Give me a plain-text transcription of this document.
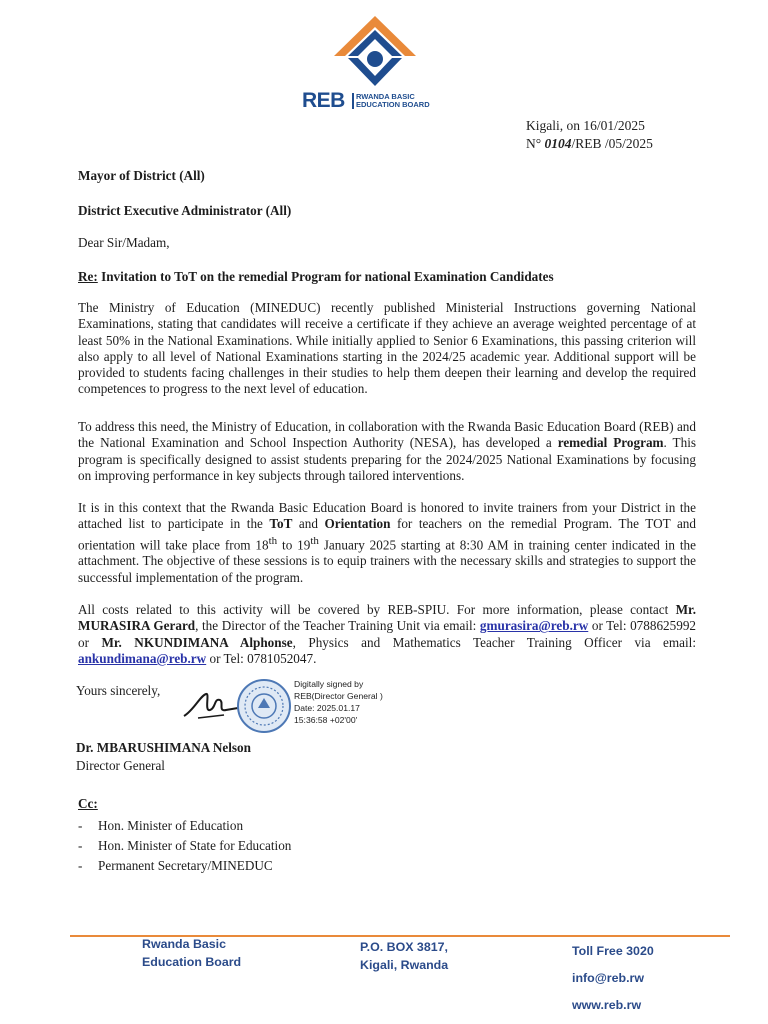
REB	RWANDA BASIC
EDUCATION BOARD
Kigali, on 16/01/2025
N° 0104/REB /05/2025
Mayor of District (All)
District Executive Administrator (All)
Dear Sir/Madam,
Re: Invitation to ToT on the remedial Program for national Examination Candidates
The Ministry of Education (MINEDUC) recently published Ministerial Instructions governing National Examinations, stating that candidates will receive a certificate if they achieve an average weighted percentage of at least 50% in the National Examinations. While initially applied to Senior 6 Examinations, this passing criterion will also apply to all level of National Examinations starting in the 2024/25 academic year. Additional support will be provided to students facing challenges in their studies to help them deepen their learning and develop the required competences to progress to the next level of education.
To address this need, the Ministry of Education, in collaboration with the Rwanda Basic Education Board (REB) and the National Examination and School Inspection Authority (NESA), has developed a remedial Program. This program is specifically designed to assist students preparing for the 2024/2025 National Examinations by focusing on improving performance in key subjects through tailored interventions.
It is in this context that the Rwanda Basic Education Board is honored to invite trainers from your District in the attached list to participate in the ToT and Orientation for teachers on the remedial Program. The TOT and orientation will take place from 18th to 19th January 2025 starting at 8:30 AM in training center indicated in the attachment. The objective of these sessions is to equip trainers with the necessary skills and strategies to support the successful implementation of the program.
All costs related to this activity will be covered by REB-SPIU. For more information, please contact Mr. MURASIRA Gerard, the Director of the Teacher Training Unit via email: gmurasira@reb.rw or Tel: 0788625992 or Mr. NKUNDIMANA Alphonse, Physics and Mathematics Teacher Training Officer via email: ankundimana@reb.rw or Tel: 0781052047.
Yours sincerely,	Digitally signed by
REB(Director General )
Date: 2025.01.17
15:36:58 +02'00'
Dr. MBARUSHIMANA Nelson
Director General
Cc:
- Hon. Minister of Education
- Hon. Minister of State for Education
- Permanent Secretary/MINEDUC
Rwanda Basic
Education Board
P.O. BOX 3817,
Kigali, Rwanda
Toll Free 3020
info@reb.rw
www.reb.rw
